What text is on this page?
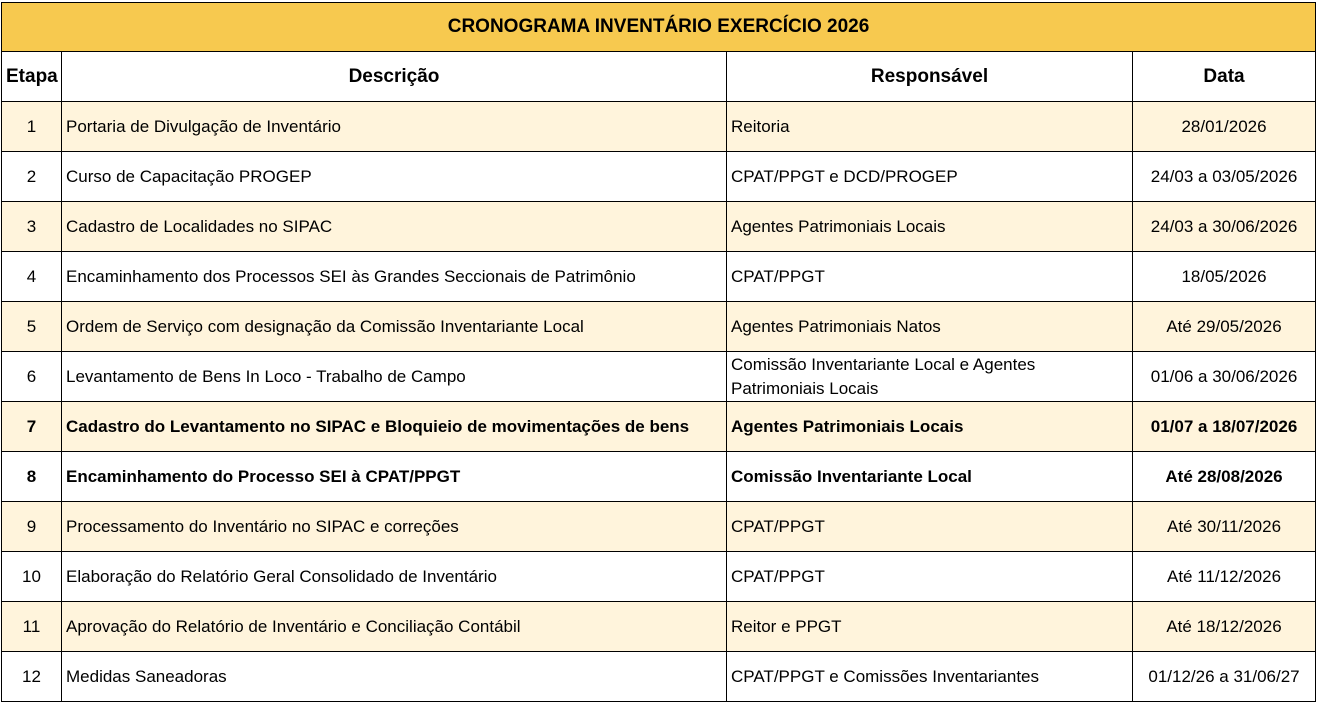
CRONOGRAMA INVENTÁRIO EXERCÍCIO 2026			
Etapa	Descrição	Responsável	Data
1	Portaria de Divulgação de Inventário	Reitoria	28/01/2026
2	Curso de Capacitação PROGEP	CPAT/PPGT e DCD/PROGEP	24/03 a 03/05/2026
3	Cadastro de Localidades no SIPAC	Agentes Patrimoniais Locais	24/03 a 30/06/2026
4	Encaminhamento dos Processos SEI às Grandes Seccionais de Patrimônio	CPAT/PPGT	18/05/2026
5	Ordem de Serviço com designação da Comissão Inventariante Local	Agentes Patrimoniais Natos	Até 29/05/2026
6	Levantamento de Bens In Loco - Trabalho de Campo	Comissão Inventariante Local e Agentes Patrimoniais Locais	01/06 a 30/06/2026
7	Cadastro do Levantamento no SIPAC e Bloquieio de movimentações de bens	Agentes Patrimoniais Locais	01/07 a 18/07/2026
8	Encaminhamento do Processo SEI à CPAT/PPGT	Comissão Inventariante Local	Até 28/08/2026
9	Processamento do Inventário no SIPAC e correções	CPAT/PPGT	Até 30/11/2026
10	Elaboração do Relatório Geral Consolidado de Inventário	CPAT/PPGT	Até 11/12/2026
11	Aprovação do Relatório de Inventário e Conciliação Contábil	Reitor e PPGT	Até 18/12/2026
12	Medidas Saneadoras	CPAT/PPGT e Comissões Inventariantes	01/12/26 a 31/06/27
